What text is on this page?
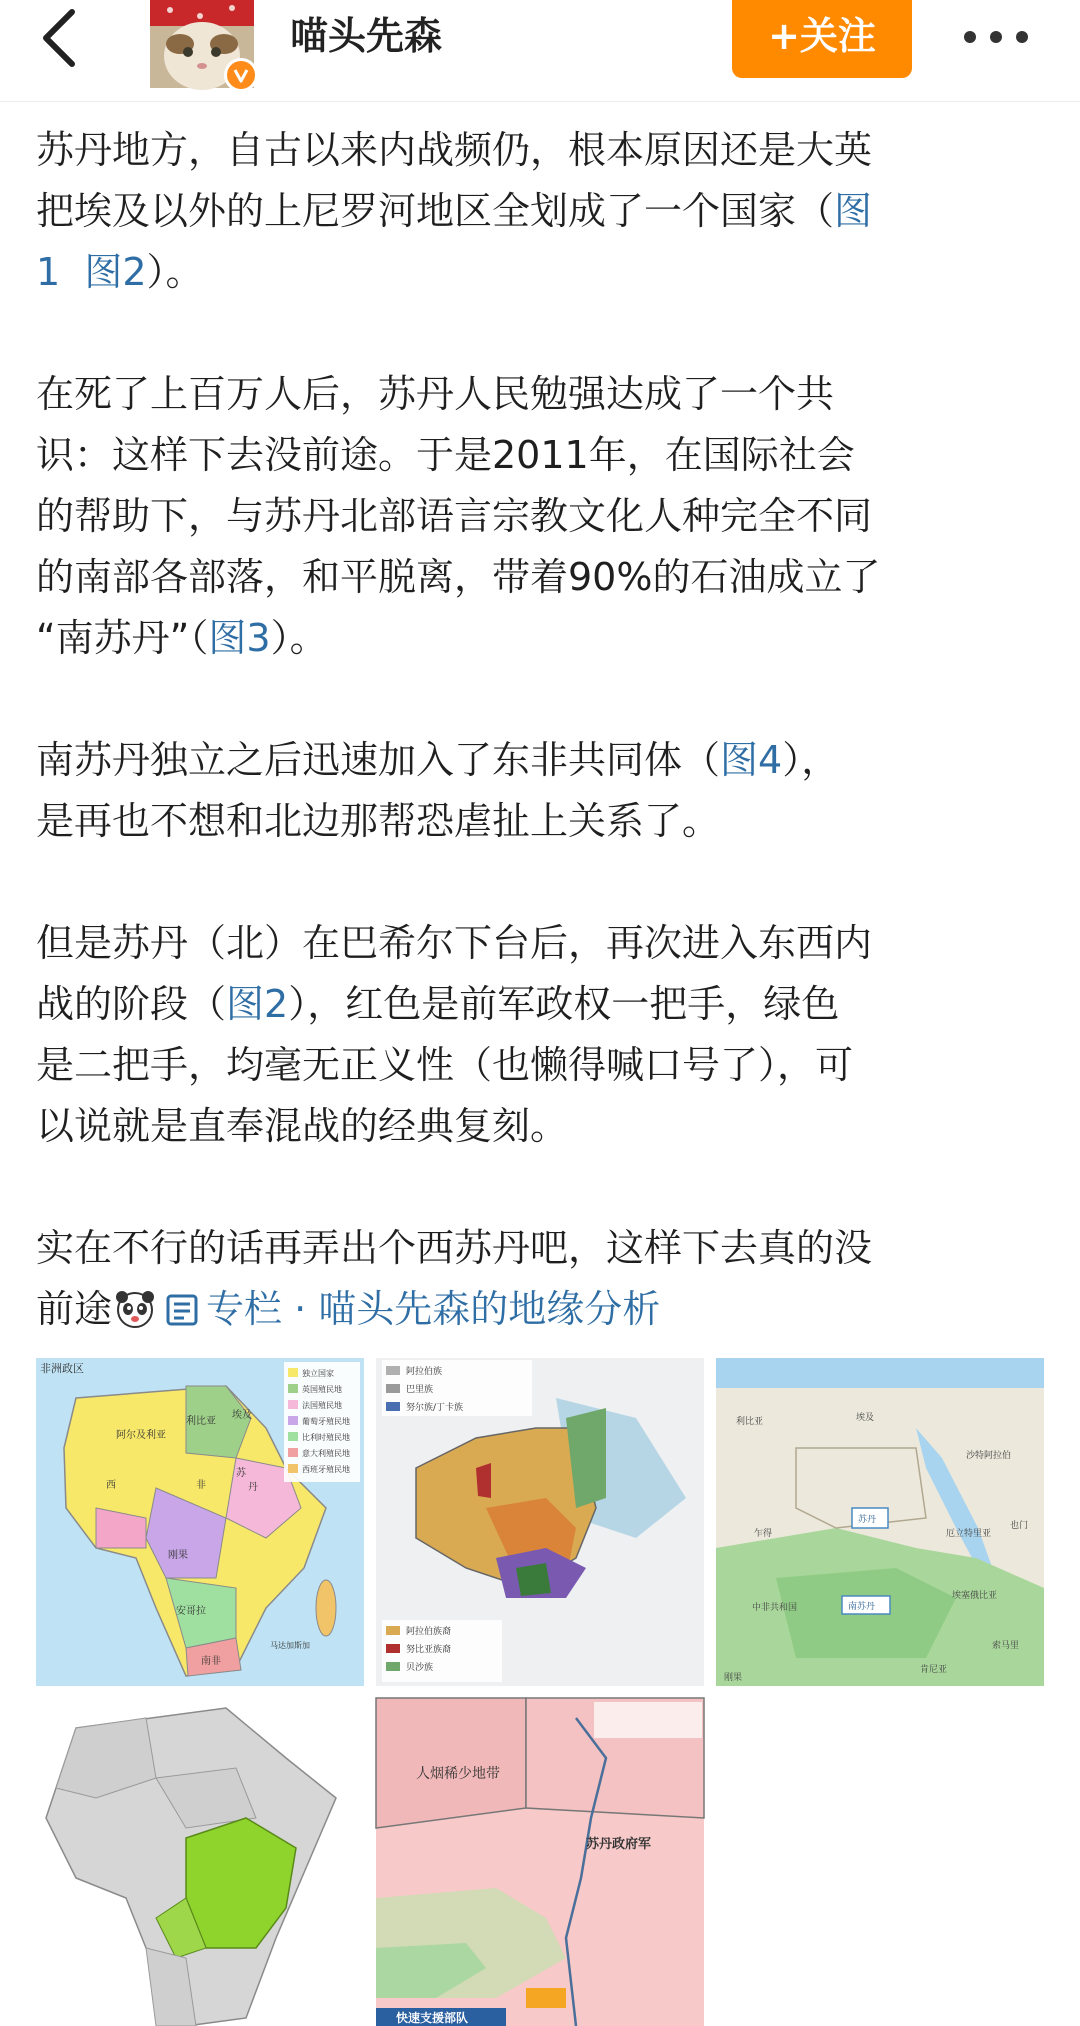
喵头先森	+关注

苏丹地方，自古以来内战频仍，根本原因还是大英

把埃及以外的上尼罗河地区全划成了一个国家（图

1 图2）。

在死了上百万人后，苏丹人民勉强达成了一个共

识：这样下去没前途。于是2011年，在国际社会

的帮助下，与苏丹北部语言宗教文化人种完全不同

的南部各部落，和平脱离，带着90%的石油成立了

“南苏丹”（图3）。

南苏丹独立之后迅速加入了东非共同体（图4），

是再也不想和北边那帮恐虐扯上关系了。

但是苏丹（北）在巴希尔下台后，再次进入东西内

战的阶段（图2），红色是前军政权一把手，绿色

是二把手，均毫无正义性（也懒得喊口号了），可

以说就是直奉混战的经典复刻。

实在不行的话再弄出个西苏丹吧，这样下去真的没

前途 专栏 · 喵头先森的地缘分析

非洲政区	独立国家
英国殖民地
法国殖民地
葡萄牙殖民地
比利时殖民地
意大利殖民地
西班牙殖民地
阿尔及利亚
利比亚
埃及
西	非
苏
丹
刚果
安哥拉
南非
马达加斯加
阿拉伯族
巴里族
努尔族/丁卡族
阿拉伯族裔
努比亚族裔
贝沙族
利比亚	埃及
沙特阿拉伯
苏丹
乍得	厄立特里亚
也门
中非共和国	南苏丹
埃塞俄比亚
索马里
肯尼亚
刚果
人烟稀少地带
苏丹政府军
快速支援部队
